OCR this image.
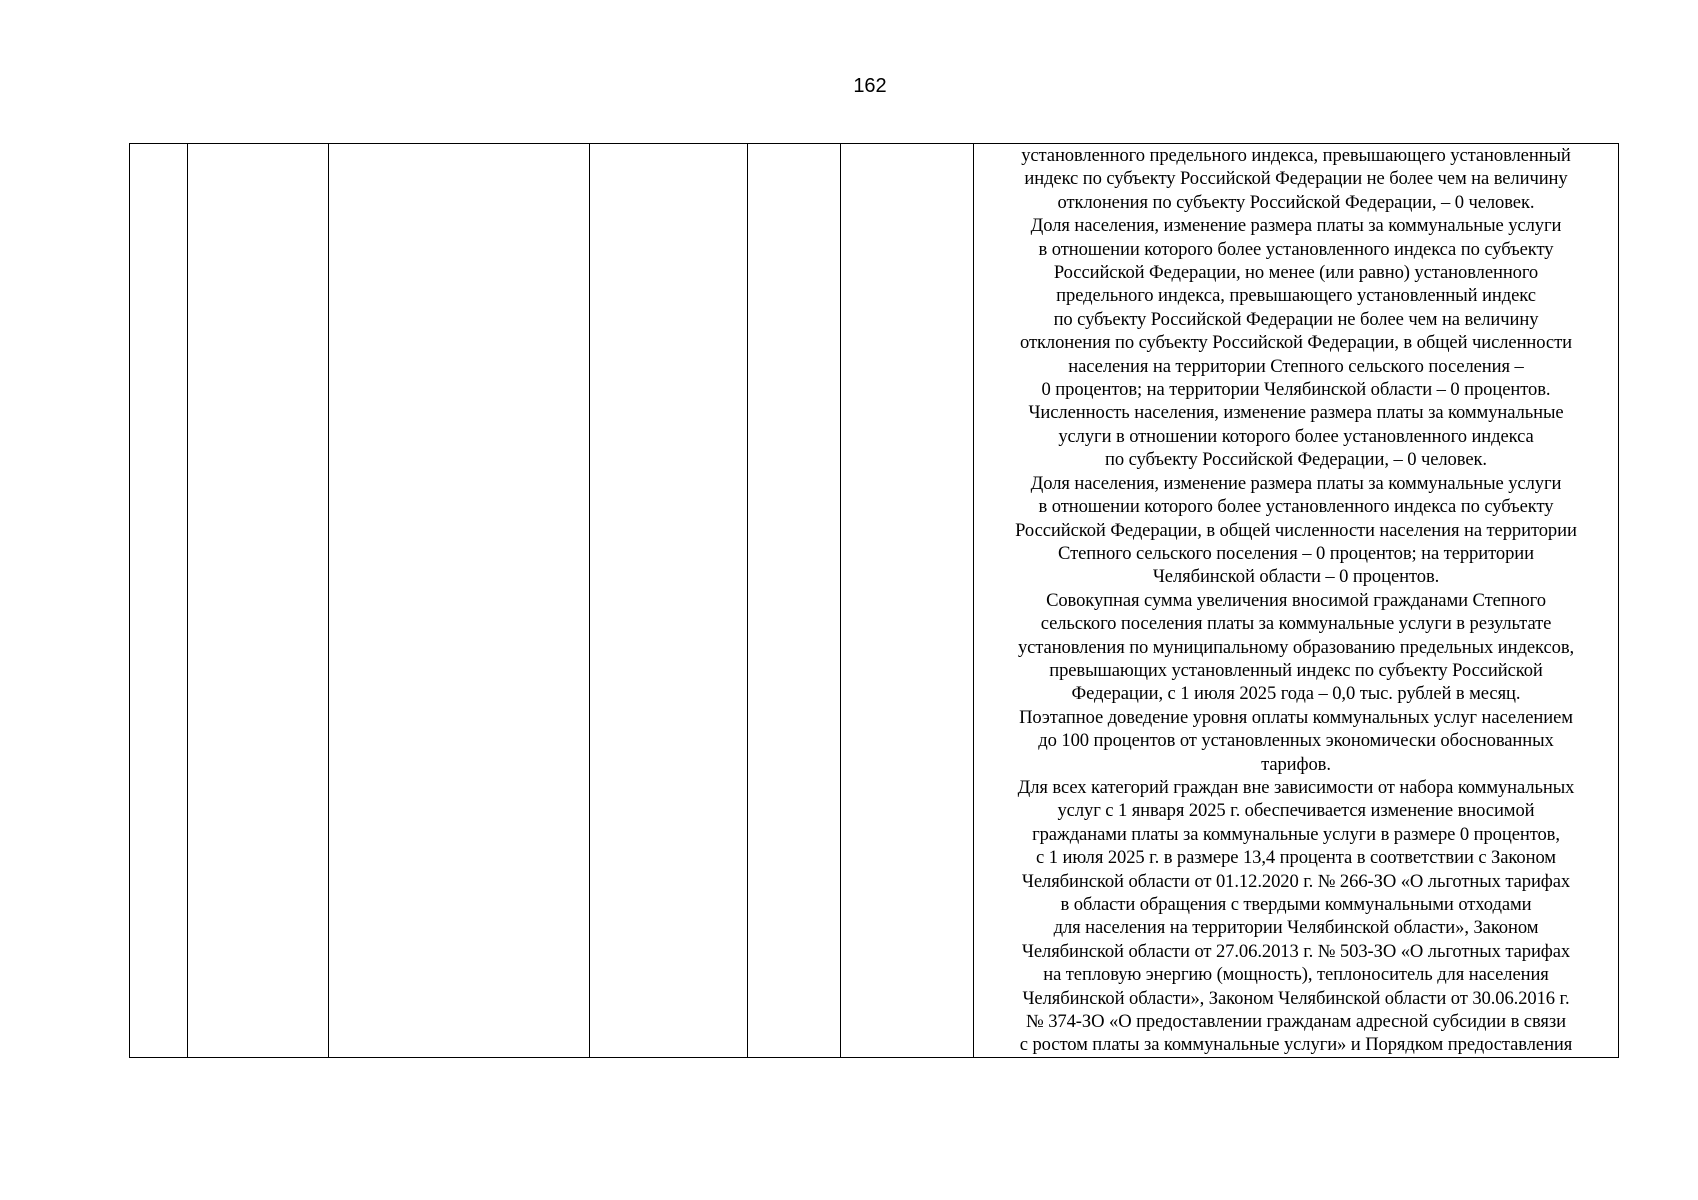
162

установленного предельного индекса, превышающего установленный
индекс по субъекту Российской Федерации не более чем на величину
отклонения по субъекту Российской Федерации, – 0 человек.
Доля населения, изменение размера платы за коммунальные услуги
в отношении которого более установленного индекса по субъекту
Российской Федерации, но менее (или равно) установленного
предельного индекса, превышающего установленный индекс
по субъекту Российской Федерации не более чем на величину
отклонения по субъекту Российской Федерации, в общей численности
населения на территории Степного сельского поселения –
0 процентов; на территории Челябинской области – 0 процентов.
Численность населения, изменение размера платы за коммунальные
услуги в отношении которого более установленного индекса
по субъекту Российской Федерации, – 0 человек.
Доля населения, изменение размера платы за коммунальные услуги
в отношении которого более установленного индекса по субъекту
Российской Федерации, в общей численности населения на территории
Степного сельского поселения – 0 процентов; на территории
Челябинской области – 0 процентов.
Совокупная сумма увеличения вносимой гражданами Степного
сельского поселения платы за коммунальные услуги в результате
установления по муниципальному образованию предельных индексов,
превышающих установленный индекс по субъекту Российской
Федерации, с 1 июля 2025 года – 0,0 тыс. рублей в месяц.
Поэтапное доведение уровня оплаты коммунальных услуг населением
до 100 процентов от установленных экономически обоснованных
тарифов.
Для всех категорий граждан вне зависимости от набора коммунальных
услуг с 1 января 2025 г. обеспечивается изменение вносимой
гражданами платы за коммунальные услуги в размере 0 процентов,
с 1 июля 2025 г. в размере 13,4 процента в соответствии с Законом
Челябинской области от 01.12.2020 г. № 266-ЗО «О льготных тарифах
в области обращения с твердыми коммунальными отходами
для населения на территории Челябинской области», Законом
Челябинской области от 27.06.2013 г. № 503-ЗО «О льготных тарифах
на тепловую энергию (мощность), теплоноситель для населения
Челябинской области», Законом Челябинской области от 30.06.2016 г.
№ 374-ЗО «О предоставлении гражданам адресной субсидии в связи
с ростом платы за коммунальные услуги» и Порядком предоставления
